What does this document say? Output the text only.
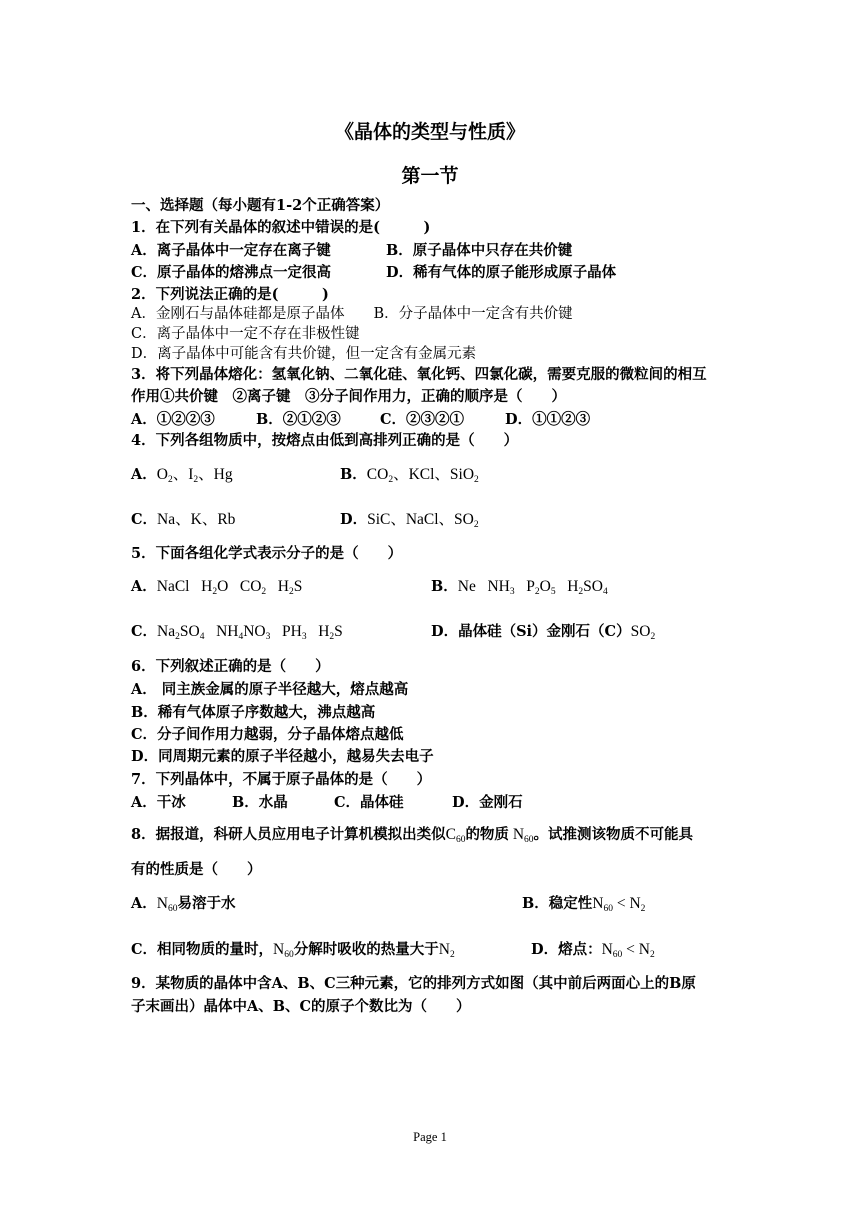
《晶体的类型与性质》
第一节
一、选择题（每小题有1-2个正确答案）
1．在下列有关晶体的叙述中错误的是(　　　)
A．离子晶体中一定存在离子键	B．原子晶体中只存在共价键
C．原子晶体的熔沸点一定很高	D．稀有气体的原子能形成原子晶体
2．下列说法正确的是(　　　)
A．金刚石与晶体硅都是原子晶体　　B．分子晶体中一定含有共价键
C．离子晶体中一定不存在非极性键
D．离子晶体中可能含有共价键，但一定含有金属元素
3．将下列晶体熔化：氢氧化钠、二氧化硅、氧化钙、四氯化碳，需要克服的微粒间的相互
作用①共价键　②离子键　③分子间作用力，正确的顺序是（　　）
A．①②②③	B．②①②③	C．②③②①	D．①①②③
4．下列各组物质中，按熔点由低到高排列正确的是（　　）
A．$O_2$、$I_2$、Hg	B．$CO_2$、KCl、SiO$_2$
C．Na、K、Rb	D．SiC、NaCl、$SO_2$
5．下面各组化学式表示分子的是（　　）
A．NaCl   $H_2O$   $CO_2$   $H_2S$	B．Ne   $NH_3$   $P_2O_5$   $H_2SO_4$
C．$Na_2SO_4$   $NH_4NO_3$   $PH_3$   $H_2S$	D．晶体硅（Si）金刚石$(C)SO_2$
6．下列叙述正确的是（　　）
A． 同主族金属的原子半径越大，熔点越高
B．稀有气体原子序数越大，沸点越高
C．分子间作用力越弱，分子晶体熔点越低
D．同周期元素的原子半径越小，越易失去电子
7．下列晶体中，不属于原子晶体的是（　　）
A．干冰	B．水晶	C．晶体硅	D．金刚石
8．据报道，科研人员应用电子计算机模拟出类似$C_{60}$的物质 $N_{60}$。试推测该物质不可能具
有的性质是（　　）
A．$N_{60}$易溶于水	B．稳定性$N_{60} < N_2$
C．相同物质的量时，$N_{60}$分解时吸收的热量大于$N_2$	D．熔点：$N_{60} < N_2$
9．某物质的晶体中含A、B、C三种元素，它的排列方式如图（其中前后两面心上的B原
子末画出）晶体中A、B、C的原子个数比为（　　）
Page 1
